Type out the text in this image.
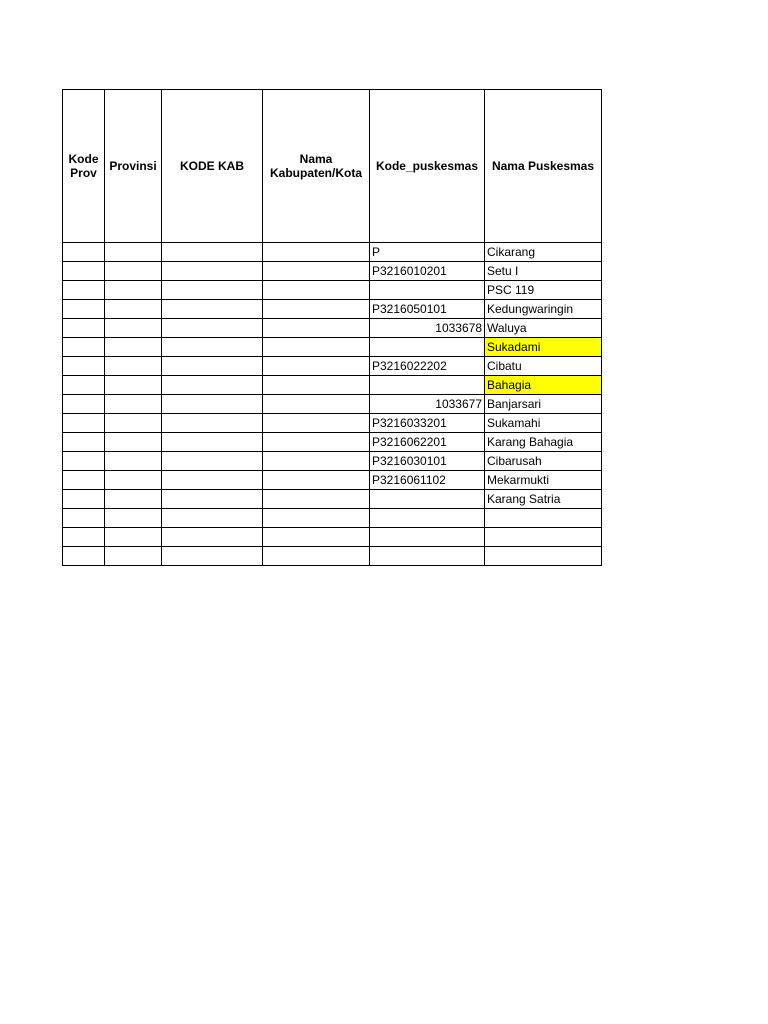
Kode Prov	Provinsi	KODE KAB	Nama Kabupaten/Kota	Kode_puskesmas	Nama Puskesmas
				P	Cikarang
				P3216010201	Setu I
					PSC 119
				P3216050101	Kedungwaringin
				1033678	Waluya
					Sukadami
				P3216022202	Cibatu
					Bahagia
				1033677	Banjarsari
				P3216033201	Sukamahi
				P3216062201	Karang Bahagia
				P3216030101	Cibarusah
				P3216061102	Mekarmukti
					Karang Satria
